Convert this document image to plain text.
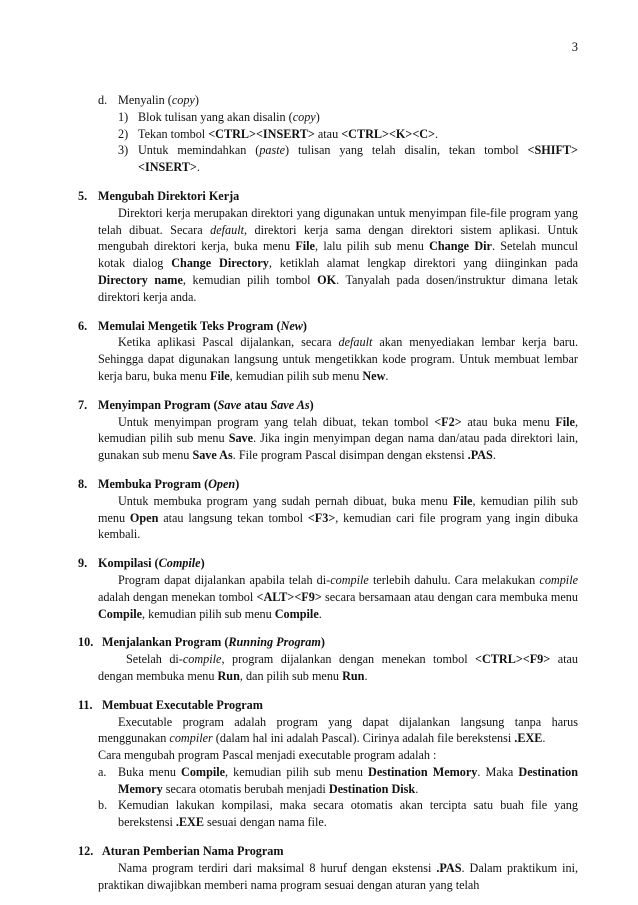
3
d. Menyalin (copy)
1) Blok tulisan yang akan disalin (copy)
2) Tekan tombol <CTRL><INSERT> atau <CTRL><K><C>.
3) Untuk memindahkan (paste) tulisan yang telah disalin, tekan tombol <SHIFT><INSERT>.
5. Mengubah Direktori Kerja
Direktori kerja merupakan direktori yang digunakan untuk menyimpan file-file program yang telah dibuat. Secara default, direktori kerja sama dengan direktori sistem aplikasi. Untuk mengubah direktori kerja, buka menu File, lalu pilih sub menu Change Dir. Setelah muncul kotak dialog Change Directory, ketiklah alamat lengkap direktori yang diinginkan pada Directory name, kemudian pilih tombol OK. Tanyalah pada dosen/instruktur dimana letak direktori kerja anda.
6. Memulai Mengetik Teks Program (New)
Ketika aplikasi Pascal dijalankan, secara default akan menyediakan lembar kerja baru. Sehingga dapat digunakan langsung untuk mengetikkan kode program. Untuk membuat lembar kerja baru, buka menu File, kemudian pilih sub menu New.
7. Menyimpan Program (Save atau Save As)
Untuk menyimpan program yang telah dibuat, tekan tombol <F2> atau buka menu File, kemudian pilih sub menu Save. Jika ingin menyimpan degan nama dan/atau pada direktori lain, gunakan sub menu Save As. File program Pascal disimpan dengan ekstensi .PAS.
8. Membuka Program (Open)
Untuk membuka program yang sudah pernah dibuat, buka menu File, kemudian pilih sub menu Open atau langsung tekan tombol <F3>, kemudian cari file program yang ingin dibuka kembali.
9. Kompilasi (Compile)
Program dapat dijalankan apabila telah di-compile terlebih dahulu. Cara melakukan compile adalah dengan menekan tombol <ALT><F9> secara bersamaan atau dengan cara membuka menu Compile, kemudian pilih sub menu Compile.
10. Menjalankan Program (Running Program)
Setelah di-compile, program dijalankan dengan menekan tombol <CTRL><F9> atau dengan membuka menu Run, dan pilih sub menu Run.
11. Membuat Executable Program
Executable program adalah program yang dapat dijalankan langsung tanpa harus menggunakan compiler (dalam hal ini adalah Pascal). Cirinya adalah file berekstensi .EXE.
Cara mengubah program Pascal menjadi executable program adalah :
a. Buka menu Compile, kemudian pilih sub menu Destination Memory. Maka Destination Memory secara otomatis berubah menjadi Destination Disk.
b. Kemudian lakukan kompilasi, maka secara otomatis akan tercipta satu buah file yang berekstensi .EXE sesuai dengan nama file.
12. Aturan Pemberian Nama Program
Nama program terdiri dari maksimal 8 huruf dengan ekstensi .PAS. Dalam praktikum ini, praktikan diwajibkan memberi nama program sesuai dengan aturan yang telah
